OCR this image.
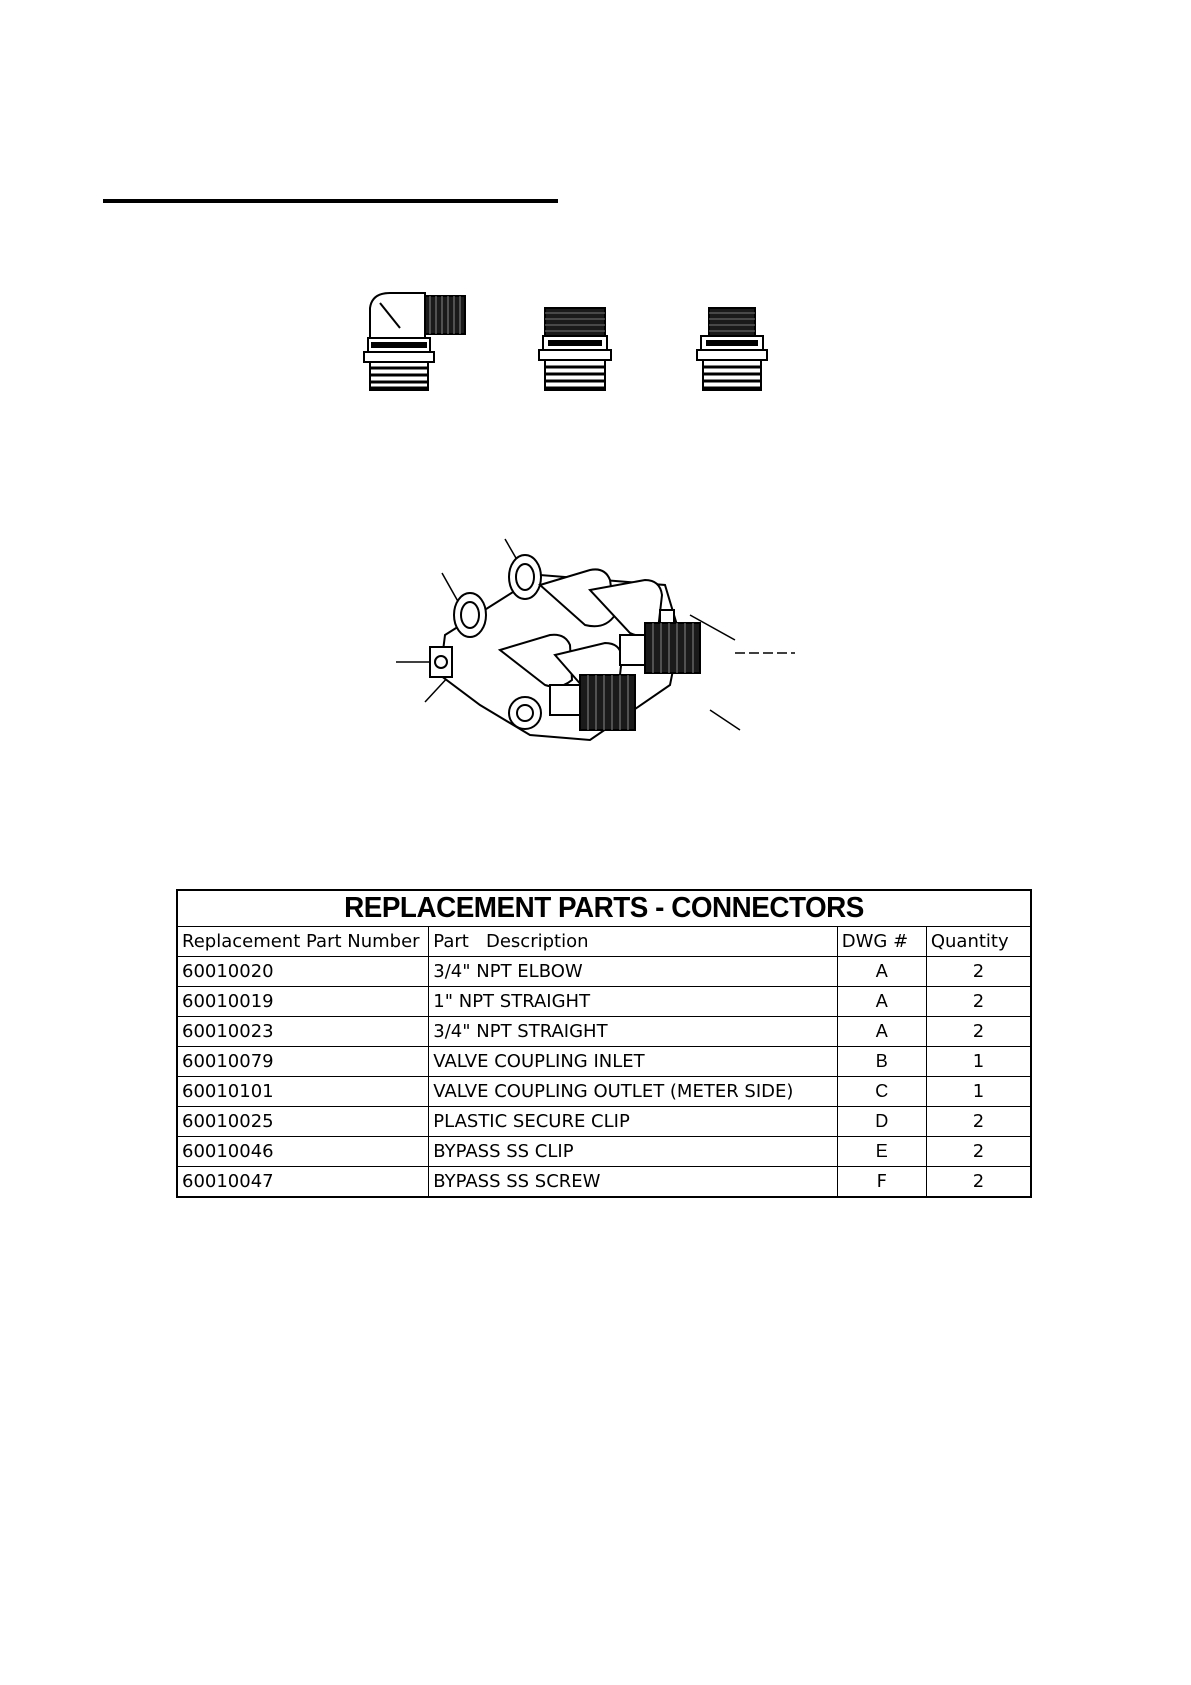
REPLACEMENT PARTS - CONNECTORS			
Replacement Part Number	Part   Description	DWG #	Quantity
60010020	3/4" NPT ELBOW	A	2
60010019	1" NPT STRAIGHT	A	2
60010023	3/4" NPT STRAIGHT	A	2
60010079	VALVE COUPLING INLET	B	1
60010101	VALVE COUPLING OUTLET (METER SIDE)	C	1
60010025	PLASTIC SECURE CLIP	D	2
60010046	BYPASS SS CLIP	E	2
60010047	BYPASS SS SCREW	F	2
